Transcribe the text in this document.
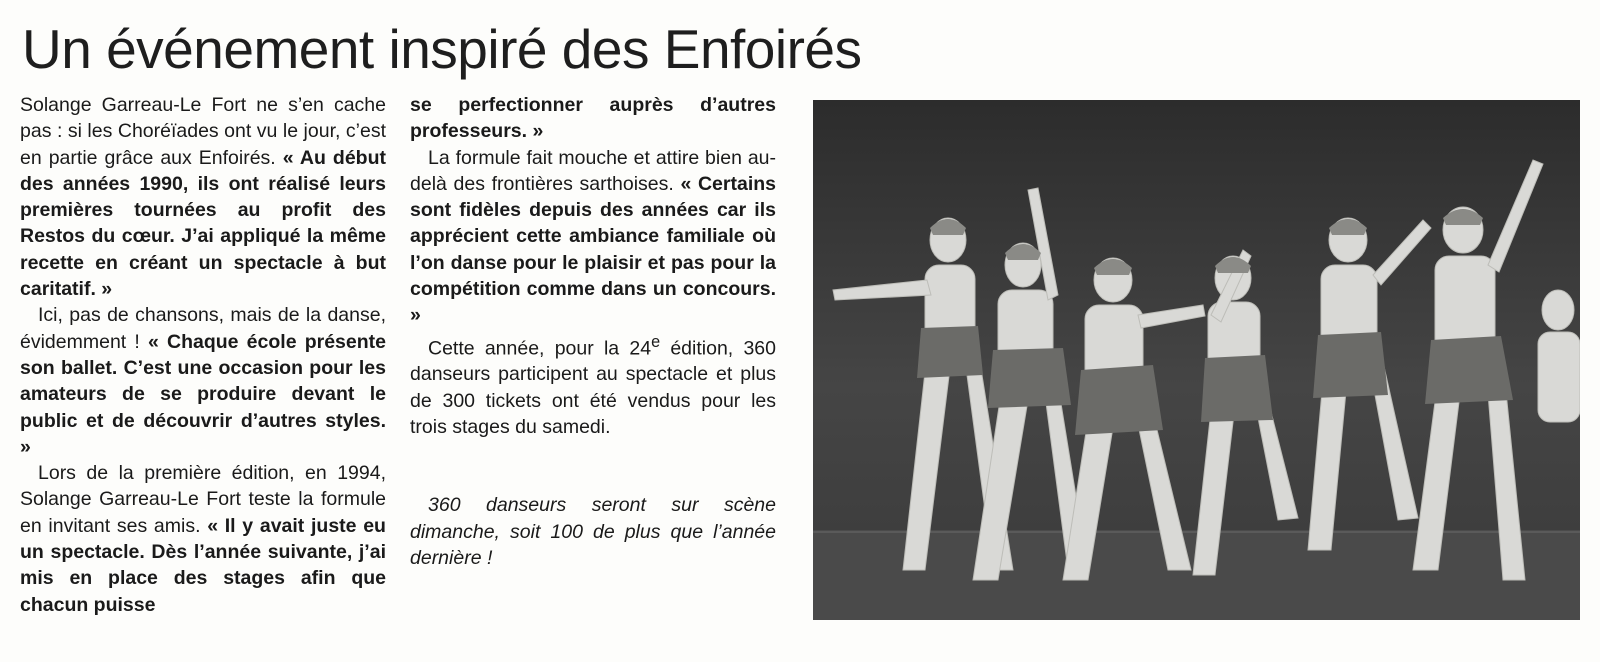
Un événement inspiré des Enfoirés

Solange Garreau-Le Fort ne s’en cache pas : si les Choréïades ont vu le jour, c’est en partie grâce aux Enfoirés. « Au début des années 1990, ils ont réalisé leurs premières tournées au profit des Restos du cœur. J’ai appliqué la même recette en créant un spectacle à but caritatif. »

Ici, pas de chansons, mais de la danse, évidemment ! « Chaque école présente son ballet. C’est une occasion pour les amateurs de se produire devant le public et de découvrir d’autres styles. »

Lors de la première édition, en 1994, Solange Garreau-Le Fort teste la formule en invitant ses amis. « Il y avait juste eu un spectacle. Dès l’année suivante, j’ai mis en place des stages afin que chacun puisse

se perfectionner auprès d’autres professeurs. »

La formule fait mouche et attire bien au-delà des frontières sarthoises. « Certains sont fidèles depuis des années car ils apprécient cette ambiance familiale où l’on danse pour le plaisir et pas pour la compétition comme dans un concours. »

Cette année, pour la 24e édition, 360 danseurs participent au spectacle et plus de 300 tickets ont été vendus pour les trois stages du samedi.

360 danseurs seront sur scène dimanche, soit 100 de plus que l’année dernière !
